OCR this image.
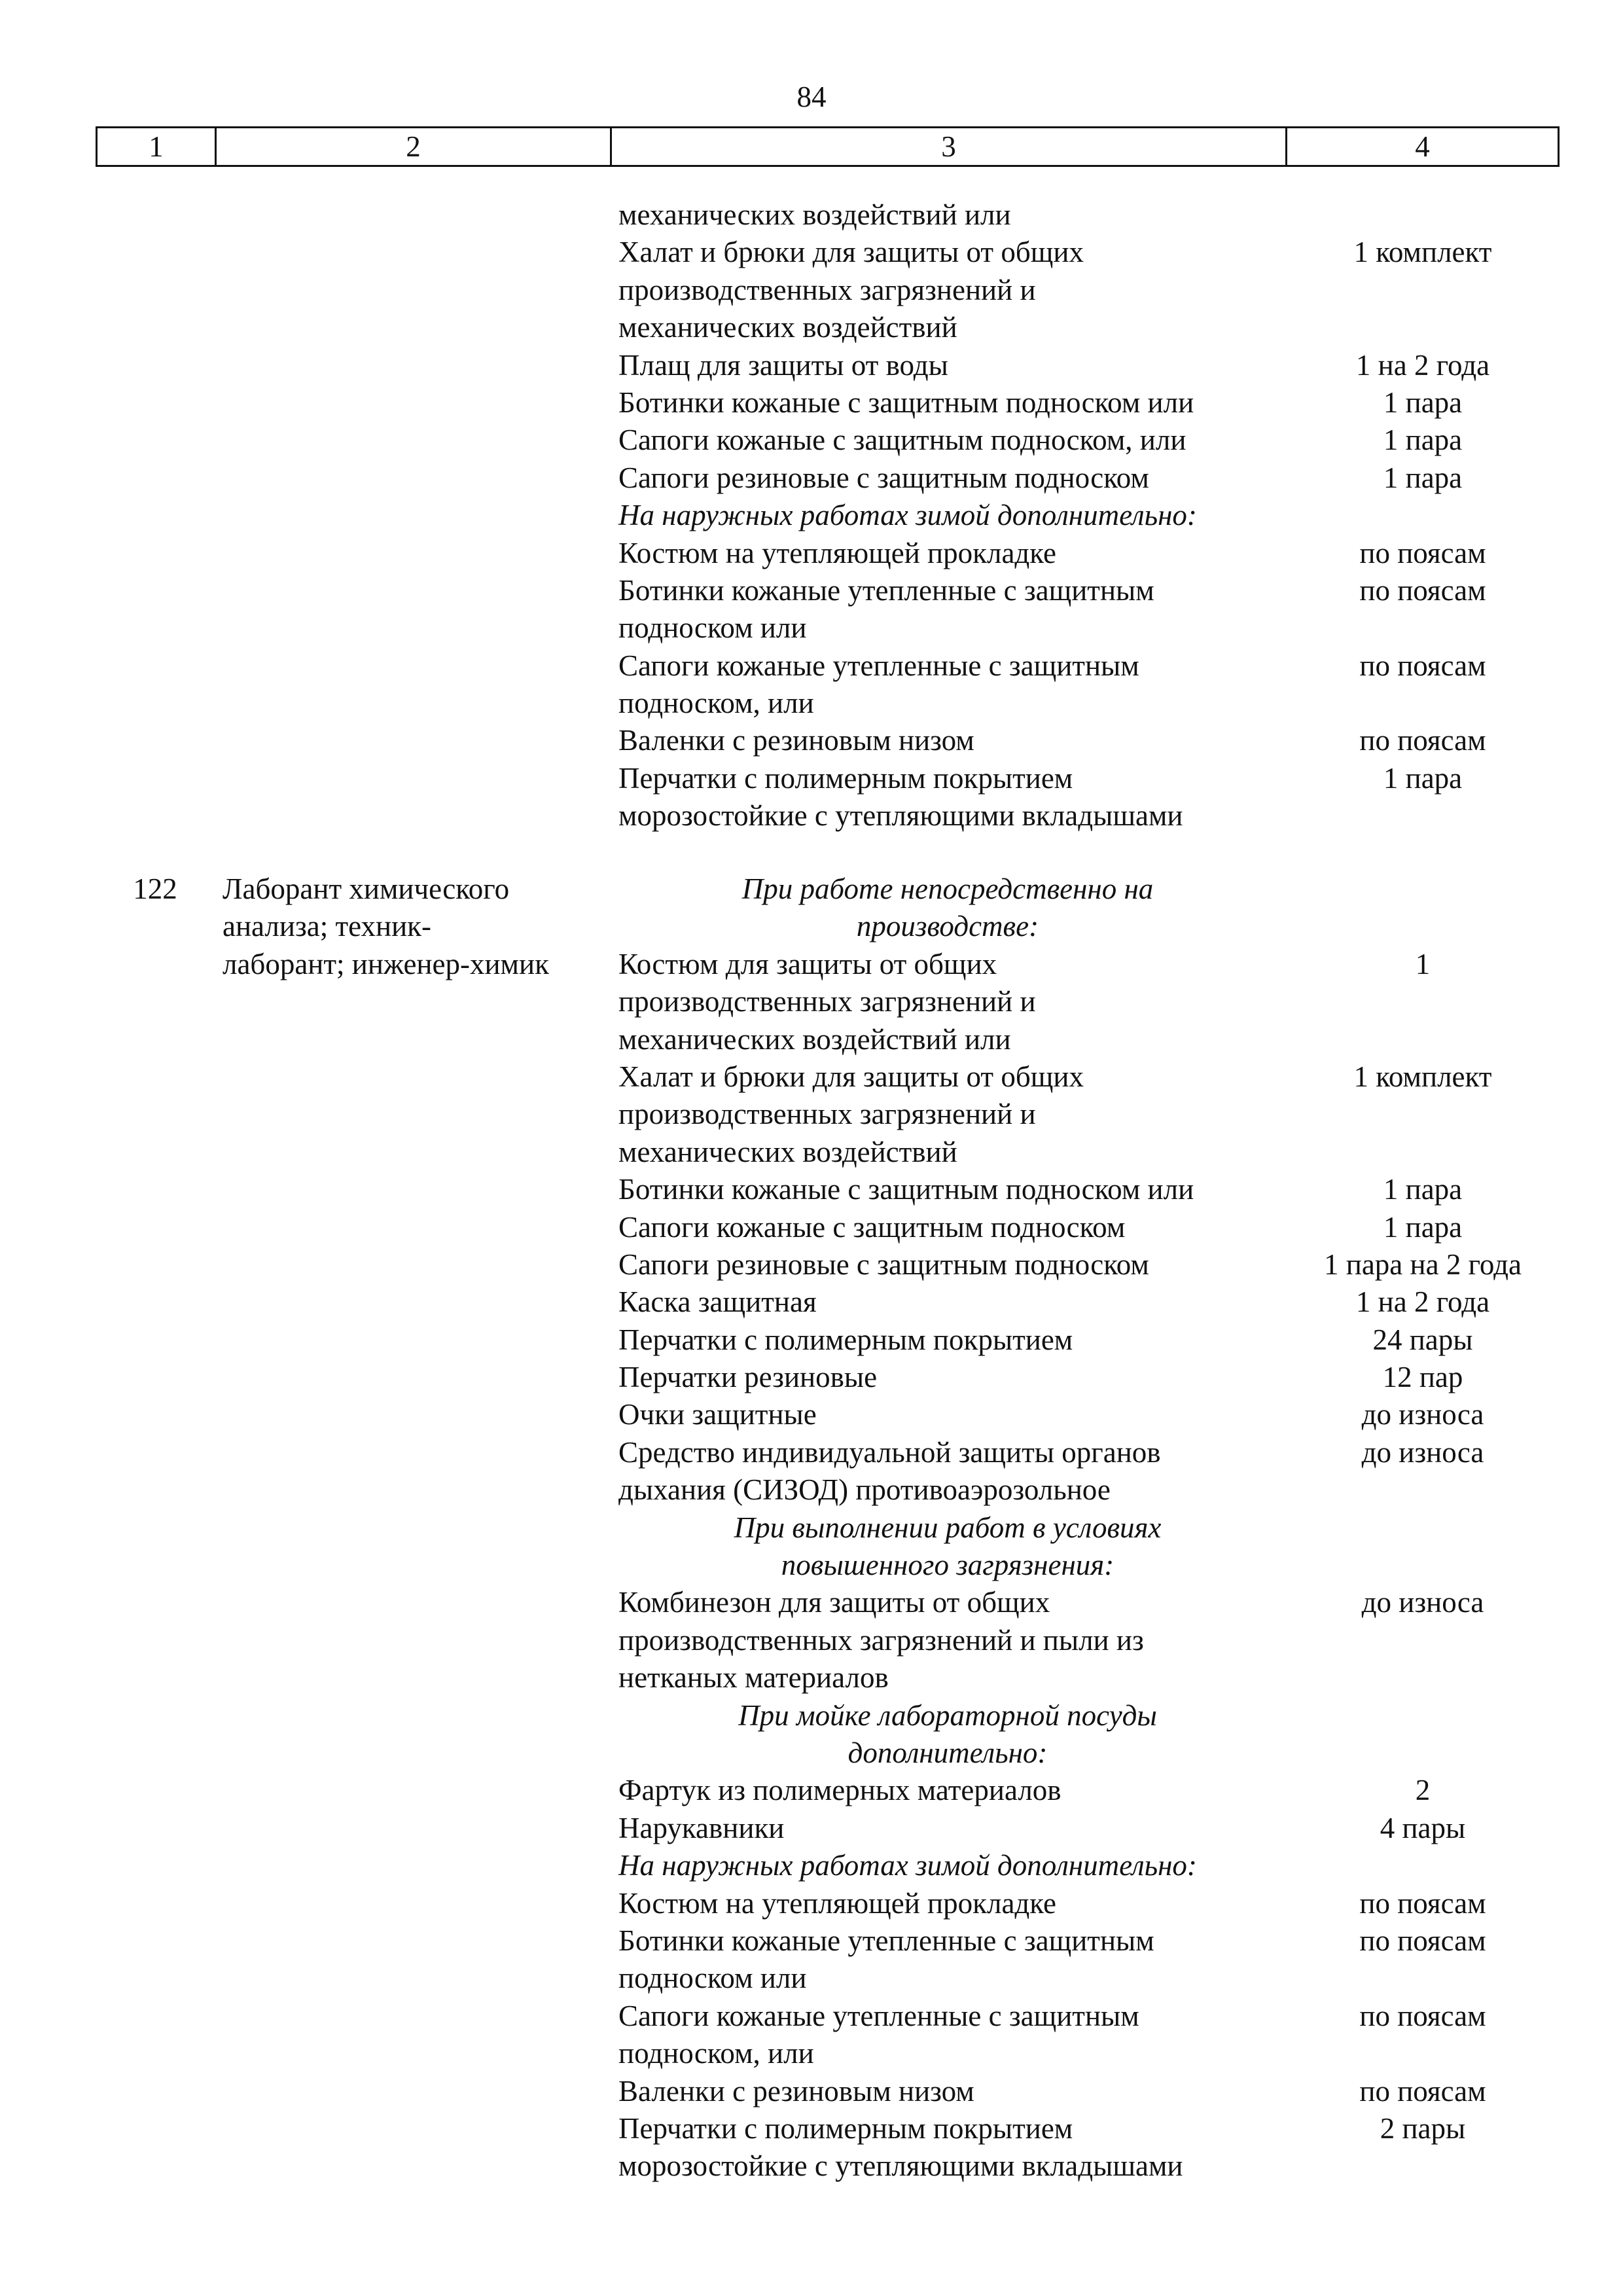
84
1	2	3	4
механических воздействий или
Халат и брюки для защиты от общих	1 комплект
производственных загрязнений и
механических воздействий
Плащ для защиты от воды	1 на 2 года
Ботинки кожаные с защитным подноском или	1 пара
Сапоги кожаные с защитным подноском, или	1 пара
Сапоги резиновые с защитным подноском	1 пара
На наружных работах зимой дополнительно:
Костюм на утепляющей прокладке	по поясам
Ботинки кожаные утепленные с защитным	по поясам
подноском или
Сапоги кожаные утепленные с защитным	по поясам
подноском, или
Валенки с резиновым низом	по поясам
Перчатки с полимерным покрытием	1 пара
морозостойкие с утепляющими вкладышами
122	Лаборант химического	При работе непосредственно на
анализа; техник-	производстве:
лаборант; инженер-химик	Костюм для защиты от общих	1
производственных загрязнений и
механических воздействий или
Халат и брюки для защиты от общих	1 комплект
производственных загрязнений и
механических воздействий
Ботинки кожаные с защитным подноском или	1 пара
Сапоги кожаные с защитным подноском	1 пара
Сапоги резиновые с защитным подноском	1 пара на 2 года
Каска защитная	1 на 2 года
Перчатки с полимерным покрытием	24 пары
Перчатки резиновые	12 пар
Очки защитные	до износа
Средство индивидуальной защиты органов	до износа
дыхания (СИЗОД) противоаэрозольное
При выполнении работ в условиях
повышенного загрязнения:
Комбинезон для защиты от общих	до износа
производственных загрязнений и пыли из
нетканых материалов
При мойке лабораторной посуды
дополнительно:
Фартук из полимерных материалов	2
Нарукавники	4 пары
На наружных работах зимой дополнительно:
Костюм на утепляющей прокладке	по поясам
Ботинки кожаные утепленные с защитным	по поясам
подноском или
Сапоги кожаные утепленные с защитным	по поясам
подноском, или
Валенки с резиновым низом	по поясам
Перчатки с полимерным покрытием	2 пары
морозостойкие с утепляющими вкладышами
